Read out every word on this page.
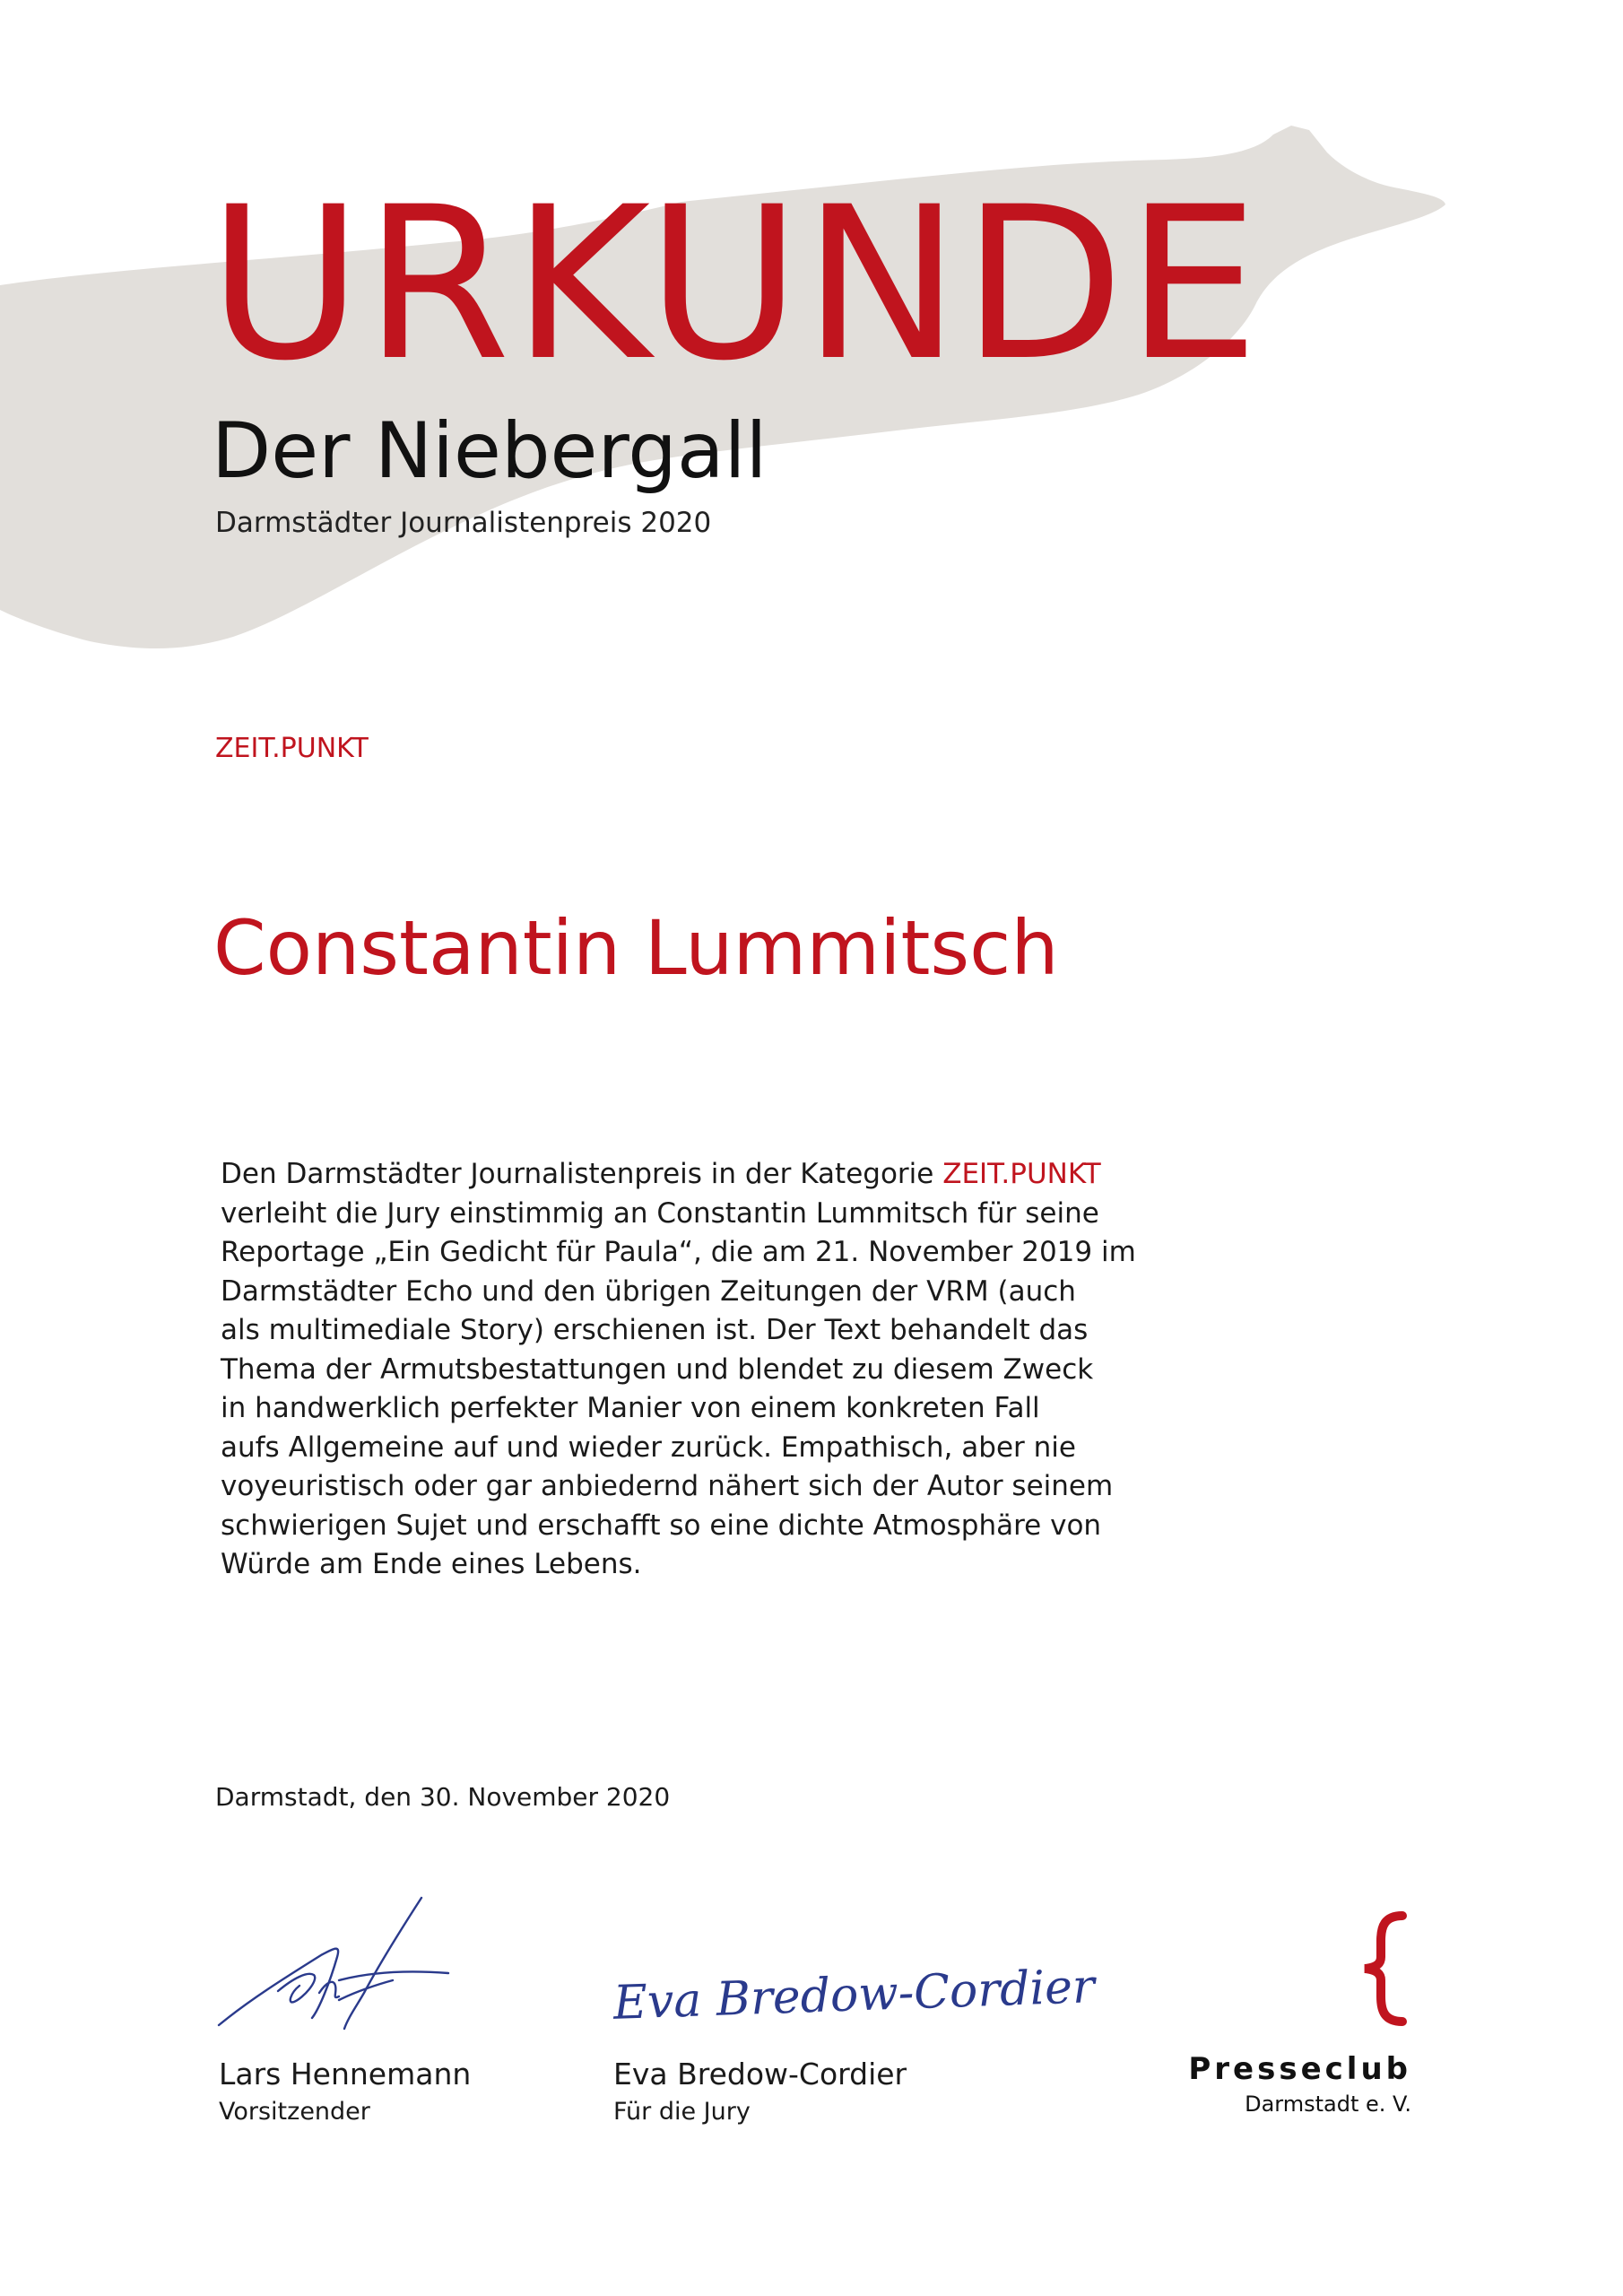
URKUNDE
Der Niebergall
Darmstädter Journalistenpreis 2020
ZEIT.PUNKT
Constantin Lummitsch
Den Darmstädter Journalistenpreis in der Kategorie ZEIT.PUNKT
verleiht die Jury einstimmig an Constantin Lummitsch für seine
Reportage „Ein Gedicht für Paula“, die am 21. November 2019 im
Darmstädter Echo und den übrigen Zeitungen der VRM (auch
als multimediale Story) erschienen ist. Der Text behandelt das
Thema der Armutsbestattungen und blendet zu diesem Zweck
in handwerklich perfekter Manier von einem konkreten Fall
aufs Allgemeine auf und wieder zurück. Empathisch, aber nie
voyeuristisch oder gar anbiedernd nähert sich der Autor seinem
schwierigen Sujet und erschafft so eine dichte Atmosphäre von
Würde am Ende eines Lebens.
Darmstadt, den 30. November 2020
Eva Bredow-Cordier
Lars Hennemann
Vorsitzender
Eva Bredow-Cordier
Für die Jury
Presseclub
Darmstadt e. V.
